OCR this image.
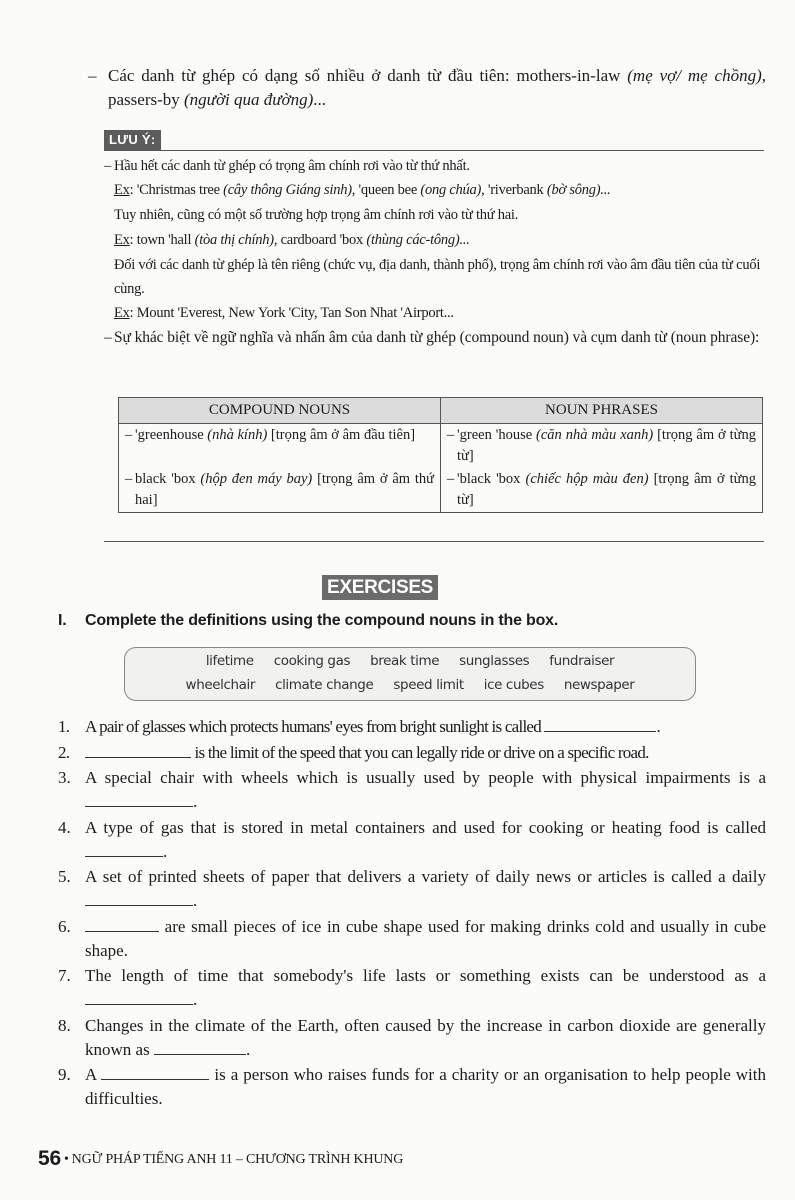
– Các danh từ ghép có dạng số nhiều ở danh từ đầu tiên: mothers-in-law (mẹ vợ/ mẹ chồng), passers-by (người qua đường)...
LƯU Ý:
– Hầu hết các danh từ ghép có trọng âm chính rơi vào từ thứ nhất.
Ex: 'Christmas tree (cây thông Giáng sinh), 'queen bee (ong chúa), 'riverbank (bờ sông)...
Tuy nhiên, cũng có một số trường hợp trọng âm chính rơi vào từ thứ hai.
Ex: town 'hall (tòa thị chính), cardboard 'box (thùng các-tông)...
Đối với các danh từ ghép là tên riêng (chức vụ, địa danh, thành phố), trọng âm chính rơi vào âm đầu tiên của từ cuối cùng.
Ex: Mount 'Everest, New York 'City, Tan Son Nhat 'Airport...
– Sự khác biệt về ngữ nghĩa và nhấn âm của danh từ ghép (compound noun) và cụm danh từ (noun phrase):
COMPOUND NOUNS	NOUN PHRASES

– 'greenhouse (nhà kính) [trọng âm ở âm đầu tiên]	– 'green 'house (căn nhà màu xanh) [trọng âm ở từng từ]

– black 'box (hộp đen máy bay) [trọng âm ở âm thứ hai]	– 'black 'box (chiếc hộp màu đen) [trọng âm ở từng từ]
EXERCISES
I. Complete the definitions using the compound nouns in the box.
lifetime cooking gas break time sunglasses fundraiser
wheelchair climate change speed limit ice cubes newspaper
1. A pair of glasses which protects humans' eyes from bright sunlight is called	.
2.	is the limit of the speed that you can legally ride or drive on a specific road.
3. A special chair with wheels which is usually used by people with physical impairments is a .
4. A type of gas that is stored in metal containers and used for cooking or heating food is called .
5. A set of printed sheets of paper that delivers a variety of daily news or articles is called a daily .
6.	are small pieces of ice in cube shape used for making drinks cold and usually in cube shape.
7. The length of time that somebody's life lasts or something exists can be understood as a .
8. Changes in the climate of the Earth, often caused by the increase in carbon dioxide are generally known as	.
9. A	is a person who raises funds for a charity or an organisation to help people with difficulties.
56 • NGỮ PHÁP TIẾNG ANH 11 – CHƯƠNG TRÌNH KHUNG
